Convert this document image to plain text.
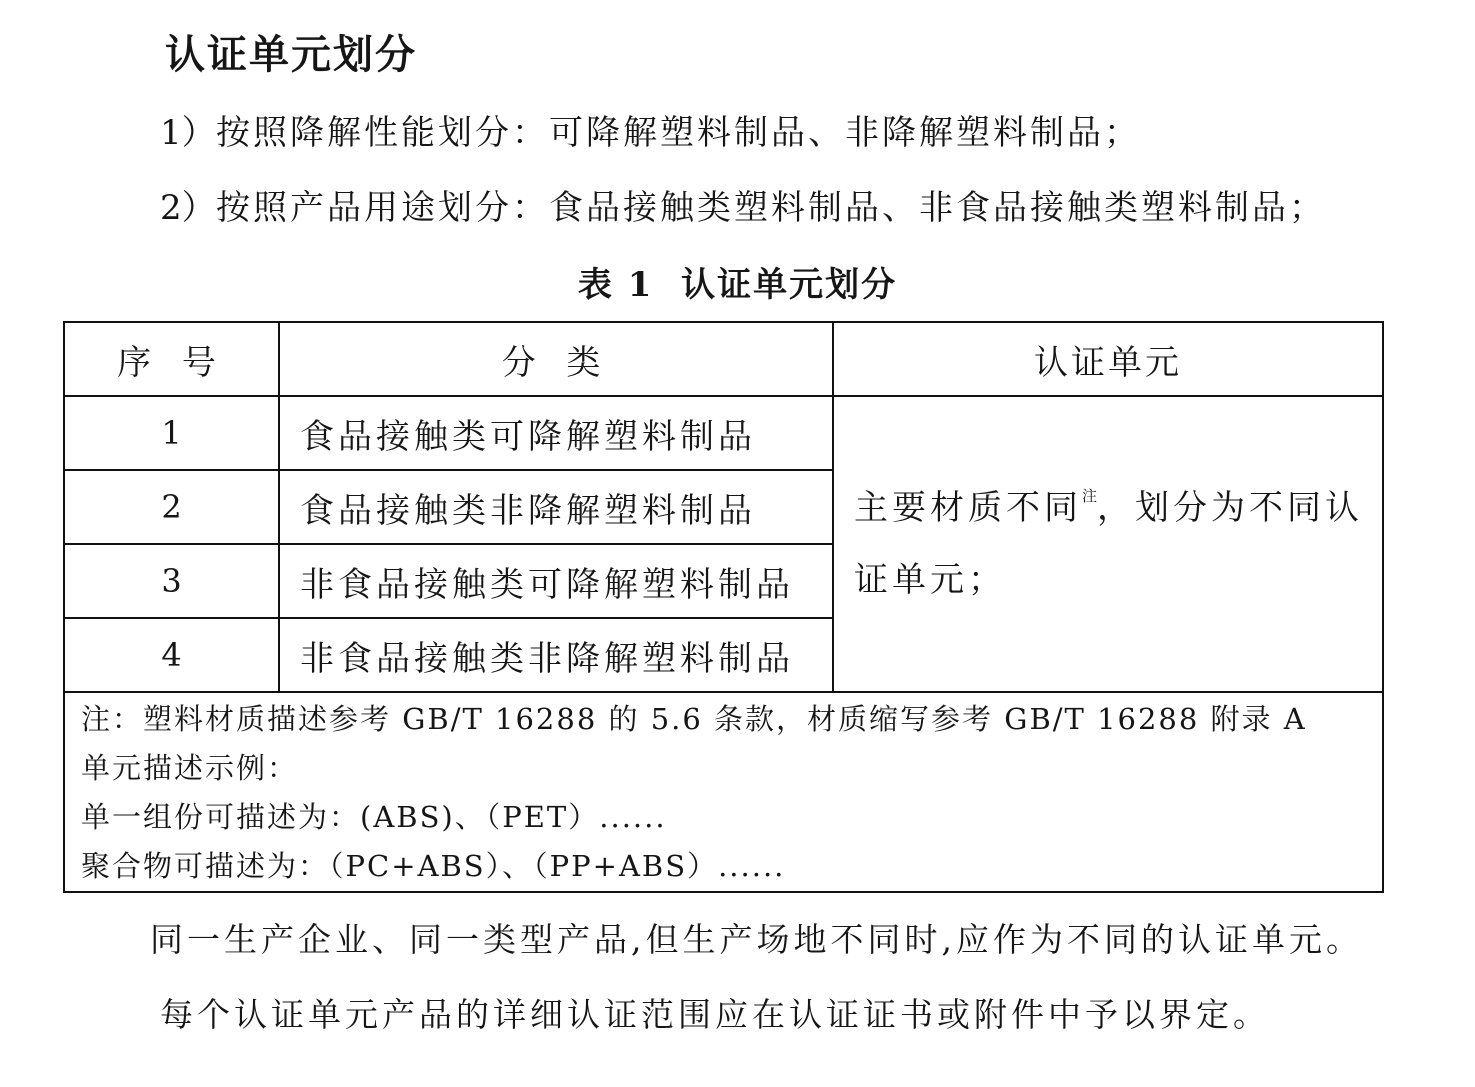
认证单元划分
1）按照降解性能划分：可降解塑料制品、非降解塑料制品；
2）按照产品用途划分：食品接触类塑料制品、非食品接触类塑料制品；
表 1  认证单元划分
序 号	分 类	认证单元
1	食品接触类可降解塑料制品	主要材质不同$^注$，划分为不同认证单元；
2	食品接触类非降解塑料制品	
3	非食品接触类可降解塑料制品	
4	非食品接触类非降解塑料制品	

注：塑料材质描述参考 GB/T 16288 的 5.6 条款，材质缩写参考 GB/T 16288 附录 A
单元描述示例：
单一组份可描述为：(ABS)、（PET）......
聚合物可描述为：（PC+ABS）、（PP+ABS）......		
同一生产企业、同一类型产品,但生产场地不同时,应作为不同的认证单元。
每个认证单元产品的详细认证范围应在认证证书或附件中予以界定。
